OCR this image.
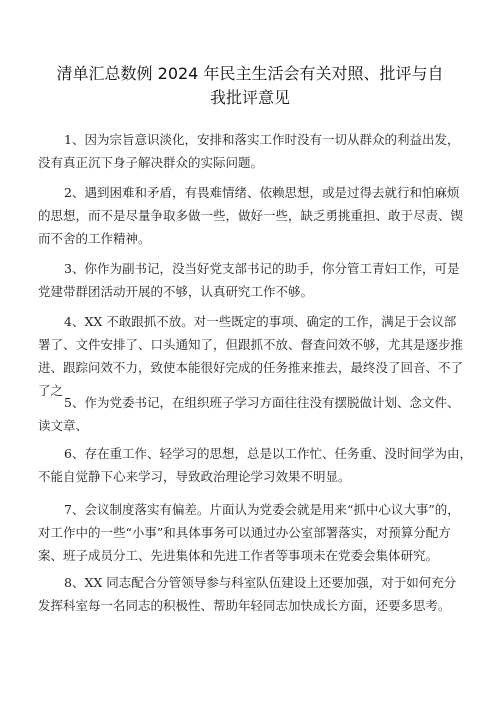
清单汇总数例 2024 年民主生活会有关对照、批评与自
我批评意见
1、因为宗旨意识淡化，安排和落实工作时没有一切从群众的利益出发，
没有真正沉下身子解决群众的实际问题。
2、遇到困难和矛盾，有畏难情绪、依赖思想，或是过得去就行和怕麻烦
的思想，而不是尽量争取多做一些，做好一些，缺乏勇挑重担、敢于尽责、锲
而不舍的工作精神。
3、你作为副书记，没当好党支部书记的助手，你分管工青妇工作，可是
党建带群团活动开展的不够，认真研究工作不够。
4、XX 不敢跟抓不放。对一些既定的事项、确定的工作，满足于会议部
署了、文件安排了、口头通知了，但跟抓不放、督查问效不够，尤其是逐步推
进、跟踪问效不力，致使本能很好完成的任务推来推去，最终没了回音、不了
了之
5、作为党委书记，在组织班子学习方面往往没有摆脱做计划、念文件、
读文章、
6、存在重工作、轻学习的思想，总是以工作忙、任务重、没时间学为由，
不能自觉静下心来学习，导致政治理论学习效果不明显。
7、会议制度落实有偏差。片面认为党委会就是用来“抓中心议大事”的，
对工作中的一些“小事”和具体事务可以通过办公室部署落实，对预算分配方
案、班子成员分工、先进集体和先进工作者等事项未在党委会集体研究。
8、XX 同志配合分管领导参与科室队伍建设上还要加强，对于如何充分
发挥科室每一名同志的积极性、帮助年轻同志加快成长方面，还要多思考。
